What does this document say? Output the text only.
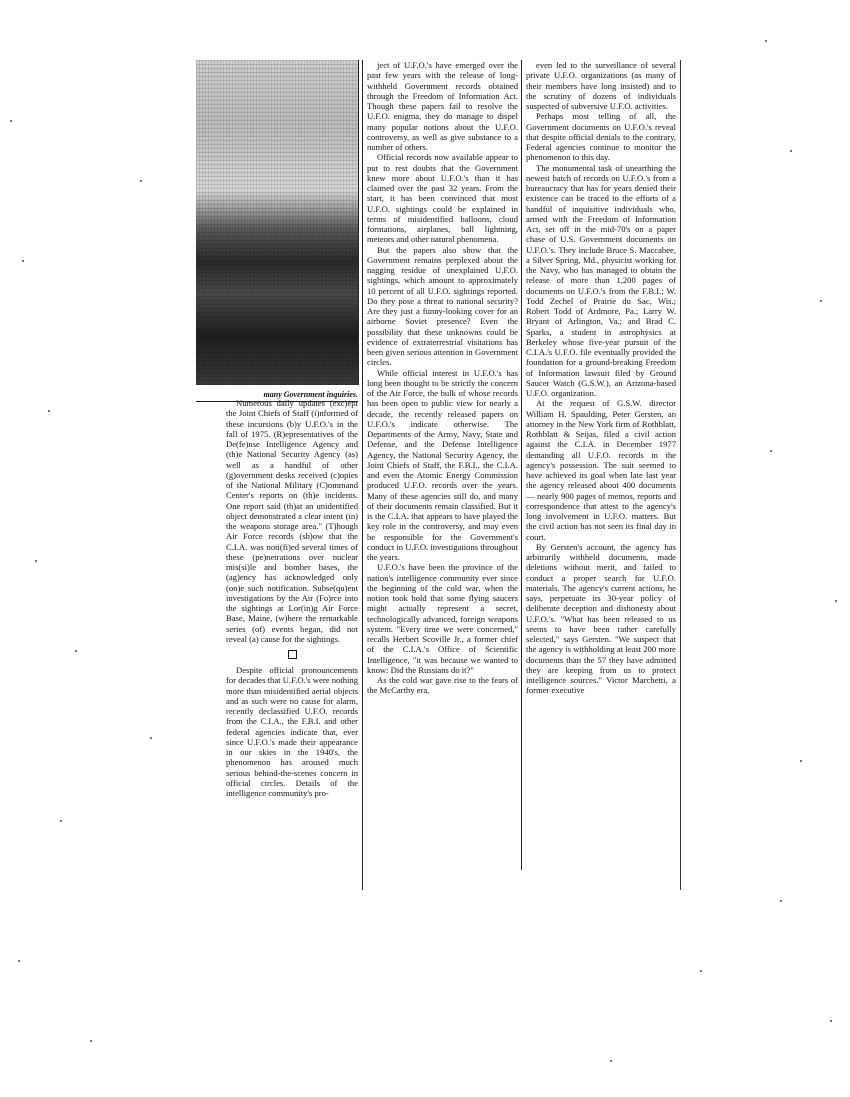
many Government inquiries.

Numerous daily updates (exc)ept the Joint Chiefs of Staff (i)nformed of these incursions (b)y U.F.O.'s in the fall of 1975. (R)epresentatives of the De(fe)nse Intelligence Agency and (th)e National Security Agency (as) well as a handful of other (g)overnment desks received (c)opies of the National Military (C)ommand Center's reports on (th)e incidents. One report said (th)at an unidentified object demonstrated a clear intent (in) the weapons storage area." (T)hough Air Force records (sh)ow that the C.I.A. was noti(fi)ed several times of these (pe)netrations over nuclear mis(si)le and bomber bases, the (ag)ency has acknowledged only (on)e such notification. Subse(qu)ent investigations by the Air (Fo)rce into the sightings at Lor(in)g Air Force Base, Maine, (w)here the remarkable series (of) events began, did not reveal (a) cause for the sightings.

Despite official pronouncements for decades that U.F.O.'s were nothing more than misidentified aerial objects and as such were no cause for alarm, recently declassified U.F.O. records from the C.I.A., the F.B.I. and other federal agencies indicate that, ever since U.F.O.'s made their appearance in our skies in the 1940's, the phenomenon has aroused much serious behind-the-scenes concern in official circles. Details of the intelligence community's pro-

ject of U.F.O.'s have emerged over the past few years with the release of long-withheld Government records obtained through the Freedom of Information Act. Though these papers fail to resolve the U.F.O. enigma, they do manage to dispel many popular notions about the U.F.O. controversy, as well as give substance to a number of others.

Official records now available appear to put to rest doubts that the Government knew more about U.F.O.'s than it has claimed over the past 32 years. From the start, it has been convinced that most U.F.O. sightings could be explained in terms of misidentified balloons, cloud formations, airplanes, ball lightning, meteors and other natural phenomena.

But the papers also show that the Government remains perplexed about the nagging residue of unexplained U.F.O. sightings, which amount to approximately 10 percent of all U.F.O. sightings reported. Do they pose a threat to national security? Are they just a funny-looking cover for an airborne Soviet presence? Even the possibility that these unknowns could be evidence of extraterrestrial visitations has been given serious attention in Government circles.

While official interest in U.F.O.'s has long been thought to be strictly the concern of the Air Force, the bulk of whose records has been open to public view for nearly a decade, the recently released papers on U.F.O.'s indicate otherwise. The Departments of the Army, Navy, State and Defense, and the Defense Intelligence Agency, the National Security Agency, the Joint Chiefs of Staff, the F.B.I., the C.I.A. and even the Atomic Energy Commission produced U.F.O. records over the years. Many of these agencies still do, and many of their documents remain classified. But it is the C.I.A. that appears to have played the key role in the controversy, and may even be responsible for the Government's conduct in U.F.O. investigations throughout the years.

U.F.O.'s have been the province of the nation's intelligence community ever since the beginning of the cold war, when the notion took hold that some flying saucers might actually represent a secret, technologically advanced, foreign weapons system. "Every time we were concerned," recalls Herbert Scoville Jr., a former chief of the C.I.A.'s Office of Scientific Intelligence, "it was because we wanted to know: Did the Russians do it?"

As the cold war gave rise to the fears of the McCarthy era,

even led to the surveillance of several private U.F.O. organizations (as many of their members have long insisted) and to the scrutiny of dozens of individuals suspected of subversive U.F.O. activities.

Perhaps most telling of all, the Government documents on U.F.O.'s reveal that despite official denials to the contrary, Federal agencies continue to monitor the phenomenon to this day.

The monumental task of unearthing the newest batch of records on U.F.O.'s from a bureaucracy that has for years denied their existence can be traced to the efforts of a handful of inquisitive individuals who, armed with the Freedom of Information Act, set off in the mid-70's on a paper chase of U.S. Government documents on U.F.O.'s. They include Bruce S. Maccabee, a Silver Spring, Md., physicist working for the Navy, who has managed to obtain the release of more than 1,200 pages of documents on U.F.O.'s from the F.B.I.; W. Todd Zechel of Prairie du Sac, Wis.; Robert Todd of Ardmore, Pa.; Larry W. Bryant of Arlington, Va.; and Brad C. Sparks, a student in astrophysics at Berkeley whose five-year pursuit of the C.I.A.'s U.F.O. file eventually provided the foundation for a ground-breaking Freedom of Information lawsuit filed by Ground Saucer Watch (G.S.W.), an Arizona-based U.F.O. organization.

At the request of G.S.W. director William H. Spaulding, Peter Gersten, an attorney in the New York firm of Rothblatt, Rothblatt & Seijas, filed a civil action against the C.I.A. in December 1977 demanding all U.F.O. records in the agency's possession. The suit seemed to have achieved its goal when late last year the agency released about 400 documents — nearly 900 pages of memos, reports and correspondence that attest to the agency's long involvement in U.F.O. matters. But the civil action has not seen its final day in court.

By Gersten's account, the agency has arbitrarily withheld documents, made deletions without merit, and failed to conduct a proper search for U.F.O. materials. The agency's current actions, he says, perpetuate its 30-year policy of deliberate deception and dishonesty about U.F.O.'s. "What has been released to us seems to have been rather carefully selected," says Gersten. "We suspect that the agency is withholding at least 200 more documents than the 57 they have admitted they are keeping from us to protect intelligence sources." Victor Marchetti, a former executive
